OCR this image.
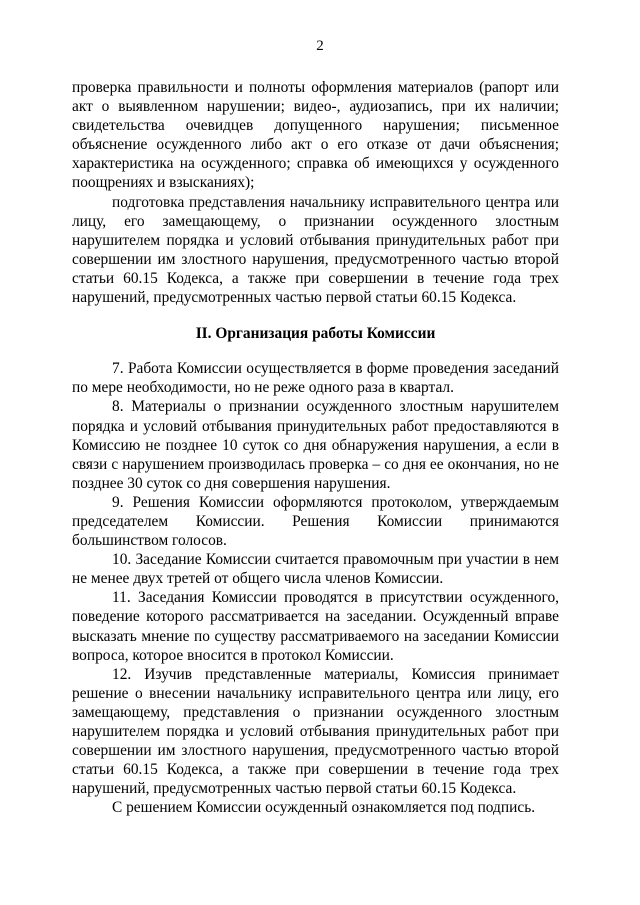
2

проверка правильности и полноты оформления материалов (рапорт или акт о выявленном нарушении; видео-, аудиозапись, при их наличии; свидетельства очевидцев допущенного нарушения; письменное объяснение осужденного либо акт о его отказе от дачи объяснения; характеристика на осужденного; справка об имеющихся у осужденного поощрениях и взысканиях);

подготовка представления начальнику исправительного центра или лицу, его замещающему, о признании осужденного злостным нарушителем порядка и условий отбывания принудительных работ при совершении им злостного нарушения, предусмотренного частью второй статьи 60.15 Кодекса, а также при совершении в течение года трех нарушений, предусмотренных частью первой статьи 60.15 Кодекса.

II. Организация работы Комиссии

7. Работа Комиссии осуществляется в форме проведения заседаний по мере необходимости, но не реже одного раза в квартал.

8. Материалы о признании осужденного злостным нарушителем порядка и условий отбывания принудительных работ предоставляются в Комиссию не позднее 10 суток со дня обнаружения нарушения, а если в связи с нарушением производилась проверка – со дня ее окончания, но не позднее 30 суток со дня совершения нарушения.

9. Решения Комиссии оформляются протоколом, утверждаемым председателем Комиссии. Решения Комиссии принимаются большинством голосов.

10. Заседание Комиссии считается правомочным при участии в нем не менее двух третей от общего числа членов Комиссии.

11. Заседания Комиссии проводятся в присутствии осужденного, поведение которого рассматривается на заседании. Осужденный вправе высказать мнение по существу рассматриваемого на заседании Комиссии вопроса, которое вносится в протокол Комиссии.

12. Изучив представленные материалы, Комиссия принимает решение о внесении начальнику исправительного центра или лицу, его замещающему, представления о признании осужденного злостным нарушителем порядка и условий отбывания принудительных работ при совершении им злостного нарушения, предусмотренного частью второй статьи 60.15 Кодекса, а также при совершении в течение года трех нарушений, предусмотренных частью первой статьи 60.15 Кодекса.

С решением Комиссии осужденный ознакомляется под подпись.
